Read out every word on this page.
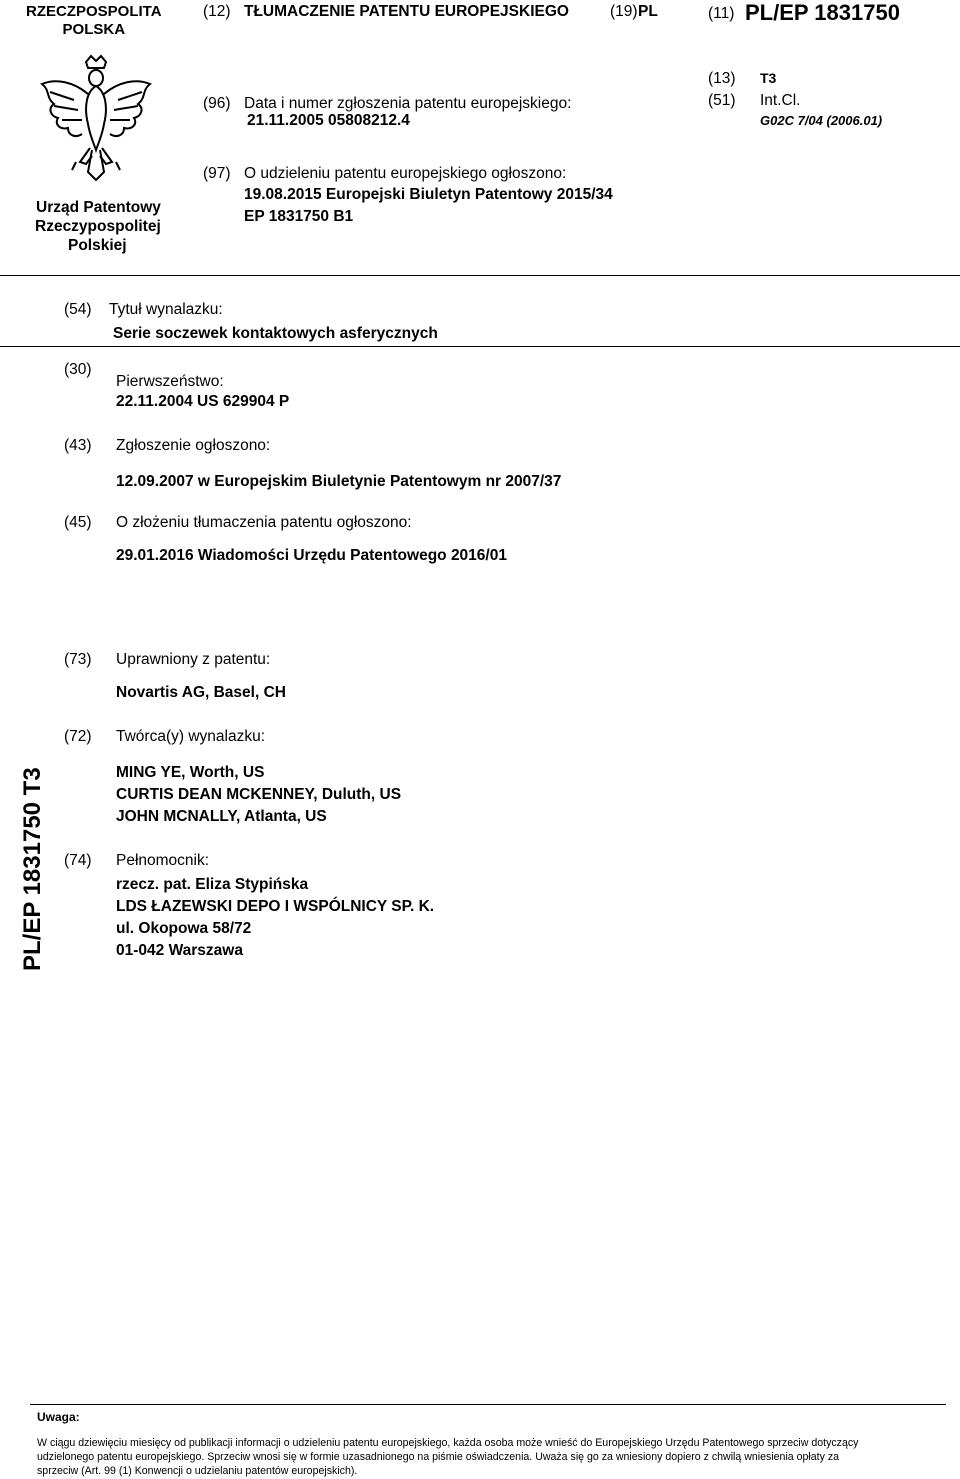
RZECZPOSPOLITA
POLSKA
(12) TŁUMACZENIE PATENTU EUROPEJSKIEGO	(19) PL	(11) PL/EP 1831750
Urząd Patentowy
Rzeczypospolitej
Polskiej
(96) Data i numer zgłoszenia patentu europejskiego:
21.11.2005 05808212.4
(13) T3
(51) Int.Cl.
G02C 7/04 (2006.01)
(97) O udzieleniu patentu europejskiego ogłoszono:
19.08.2015 Europejski Biuletyn Patentowy 2015/34
EP 1831750 B1
(54) Tytuł wynalazku:
Serie soczewek kontaktowych asferycznych
(30)
Pierwszeństwo:
22.11.2004 US 629904 P
(43) Zgłoszenie ogłoszono:
12.09.2007 w Europejskim Biuletynie Patentowym nr 2007/37
(45) O złożeniu tłumaczenia patentu ogłoszono:
29.01.2016 Wiadomości Urzędu Patentowego 2016/01
(73) Uprawniony z patentu:
Novartis AG, Basel, CH
(72) Twórca(y) wynalazku:
MING YE, Worth, US
CURTIS DEAN MCKENNEY, Duluth, US
JOHN MCNALLY, Atlanta, US
(74) Pełnomocnik:
rzecz. pat. Eliza Stypińska
LDS ŁAZEWSKI DEPO I WSPÓLNICY SP. K.
ul. Okopowa 58/72
01-042 Warszawa
PL/EP 1831750 T3
Uwaga:
W ciągu dziewięciu miesięcy od publikacji informacji o udzieleniu patentu europejskiego, każda osoba może wnieść do Europejskiego Urzędu Patentowego sprzeciw dotyczący
udzielonego patentu europejskiego. Sprzeciw wnosi się w formie uzasadnionego na piśmie oświadczenia. Uważa się go za wniesiony dopiero z chwilą wniesienia opłaty za
sprzeciw (Art. 99 (1) Konwencji o udzielaniu patentów europejskich).
